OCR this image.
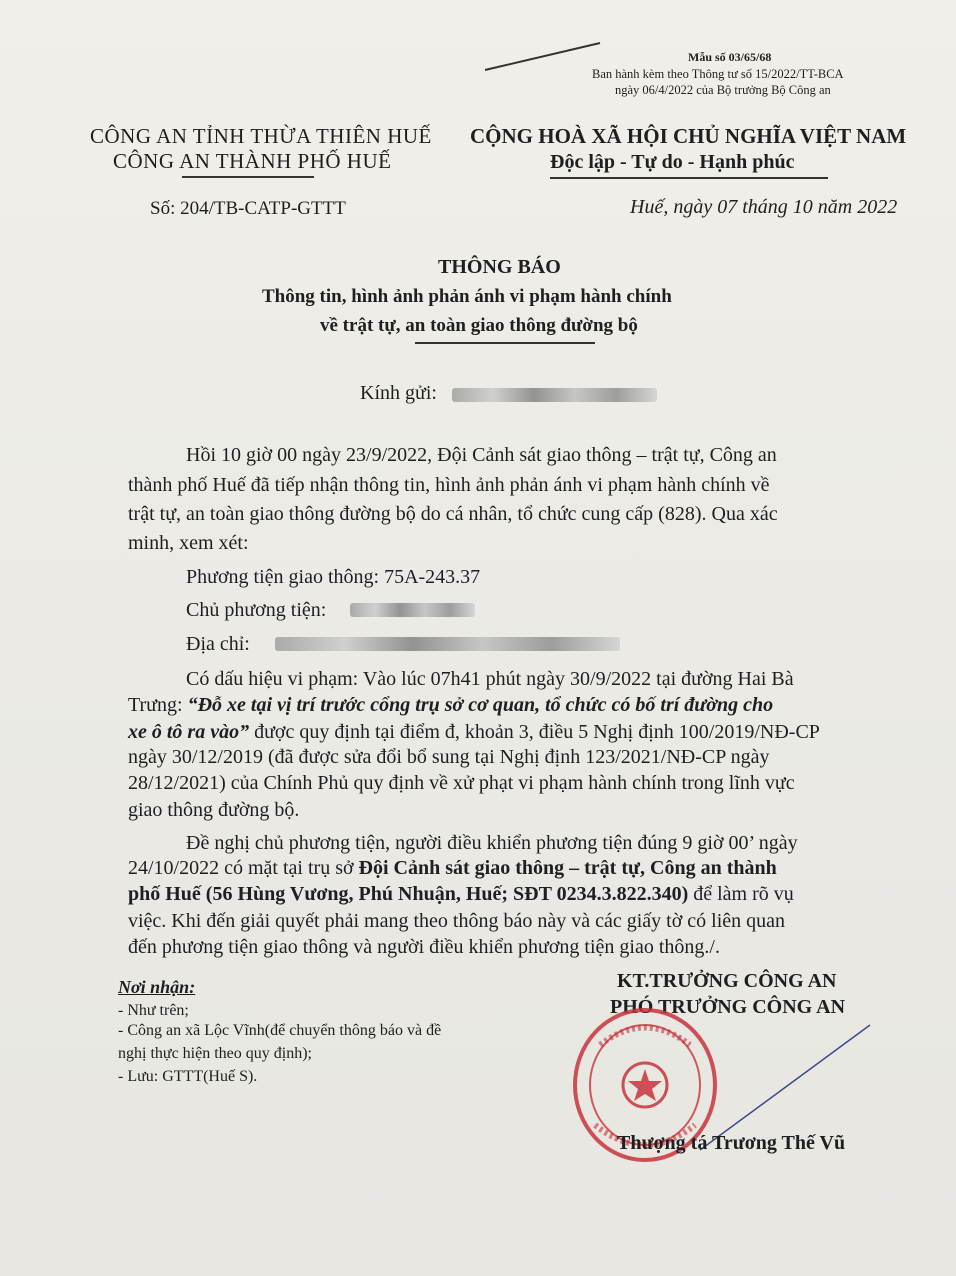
Mẫu số 03/65/68
Ban hành kèm theo Thông tư số 15/2022/TT-BCA
ngày 06/4/2022 của Bộ trưởng Bộ Công an
CÔNG AN TỈNH THỪA THIÊN HUẾ
CÔNG AN THÀNH PHỐ HUẾ
CỘNG HOÀ XÃ HỘI CHỦ NGHĨA VIỆT NAM
Độc lập - Tự do - Hạnh phúc
Số: 204/TB-CATP-GTTT	Huế, ngày 07 tháng 10 năm 2022
THÔNG BÁO
Thông tin, hình ảnh phản ánh vi phạm hành chính
về trật tự, an toàn giao thông đường bộ
Kính gửi:
Hồi 10 giờ 00 ngày 23/9/2022, Đội Cảnh sát giao thông – trật tự, Công an
thành phố Huế đã tiếp nhận thông tin, hình ảnh phản ánh vi phạm hành chính về
trật tự, an toàn giao thông đường bộ do cá nhân, tổ chức cung cấp (828). Qua xác
minh, xem xét:
Phương tiện giao thông: 75A-243.37
Chủ phương tiện:
Địa chỉ:
Có dấu hiệu vi phạm: Vào lúc 07h41 phút ngày 30/9/2022 tại đường Hai Bà
Trưng: “Đỗ xe tại vị trí trước cổng trụ sở cơ quan, tổ chức có bố trí đường cho
xe ô tô ra vào” được quy định tại điểm đ, khoản 3, điều 5 Nghị định 100/2019/NĐ-CP
ngày 30/12/2019 (đã được sửa đổi bổ sung tại Nghị định 123/2021/NĐ-CP ngày
28/12/2021) của Chính Phủ quy định về xử phạt vi phạm hành chính trong lĩnh vực
giao thông đường bộ.
Đề nghị chủ phương tiện, người điều khiển phương tiện đúng 9 giờ 00’ ngày
24/10/2022 có mặt tại trụ sở Đội Cảnh sát giao thông – trật tự, Công an thành
phố Huế (56 Hùng Vương, Phú Nhuận, Huế; SĐT 0234.3.822.340) để làm rõ vụ
việc. Khi đến giải quyết phải mang theo thông báo này và các giấy tờ có liên quan
đến phương tiện giao thông và người điều khiển phương tiện giao thông./.
Nơi nhận:
- Như trên;
- Công an xã Lộc Vĩnh(để chuyển thông báo và đề
nghị thực hiện theo quy định);
- Lưu: GTTT(Huế S).
KT.TRƯỞNG CÔNG AN
PHÓ TRƯỞNG CÔNG AN
Thượng tá Trương Thế Vũ
